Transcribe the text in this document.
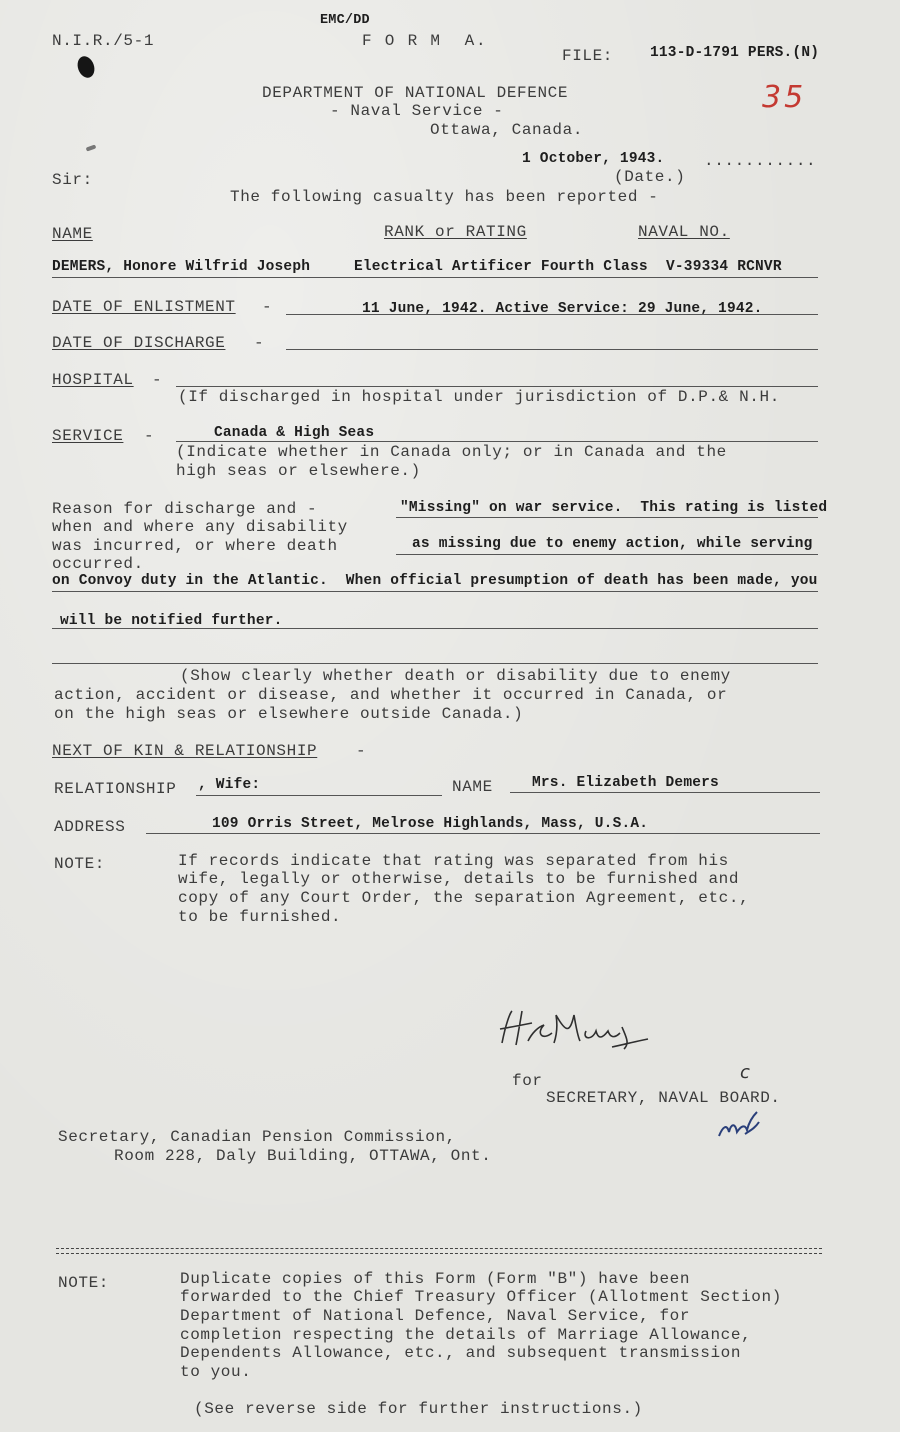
N.I.R./5-1
EMC/DD
F O R M  A.
FILE:	113-D-1791 PERS.(N)
DEPARTMENT OF NATIONAL DEFENCE
- Naval Service -
Ottawa, Canada.
35
1 October, 1943. ...........
(Date.)
Sir:
The following casualty has been reported -
NAME	RANK or RATING	NAVAL NO.
DEMERS, Honore Wilfrid Joseph	Electrical Artificer Fourth Class V-39334 RCNVR
DATE OF ENLISTMENT -	11 June, 1942. Active Service: 29 June, 1942.
DATE OF DISCHARGE -
HOSPITAL -
(If discharged in hospital under jurisdiction of D.P.& N.H.
SERVICE -	Canada & High Seas
(Indicate whether in Canada only; or in Canada and the
high seas or elsewhere.)
Reason for discharge and -
when and where any disability
was incurred, or where death
occurred.
"Missing" on war service.  This rating is listed
as missing due to enemy action, while serving
on Convoy duty in the Atlantic.  When official presumption of death has been made, you
will be notified further.
(Show clearly whether death or disability due to enemy
action, accident or disease, and whether it occurred in Canada, or
on the high seas or elsewhere outside Canada.)
NEXT OF KIN & RELATIONSHIP -
RELATIONSHIP , Wife:	NAME	Mrs. Elizabeth Demers
ADDRESS	109 Orris Street, Melrose Highlands, Mass, U.S.A.
NOTE:	If records indicate that rating was separated from his
wife, legally or otherwise, details to be furnished and
copy of any Court Order, the separation Agreement, etc.,
to be furnished.
for	c
SECRETARY, NAVAL BOARD.
Secretary, Canadian Pension Commission,
Room 228, Daly Building, OTTAWA, Ont.
NOTE:	Duplicate copies of this Form (Form "B") have been
forwarded to the Chief Treasury Officer (Allotment Section)
Department of National Defence, Naval Service, for
completion respecting the details of Marriage Allowance,
Dependents Allowance, etc., and subsequent transmission
to you.
(See reverse side for further instructions.)
